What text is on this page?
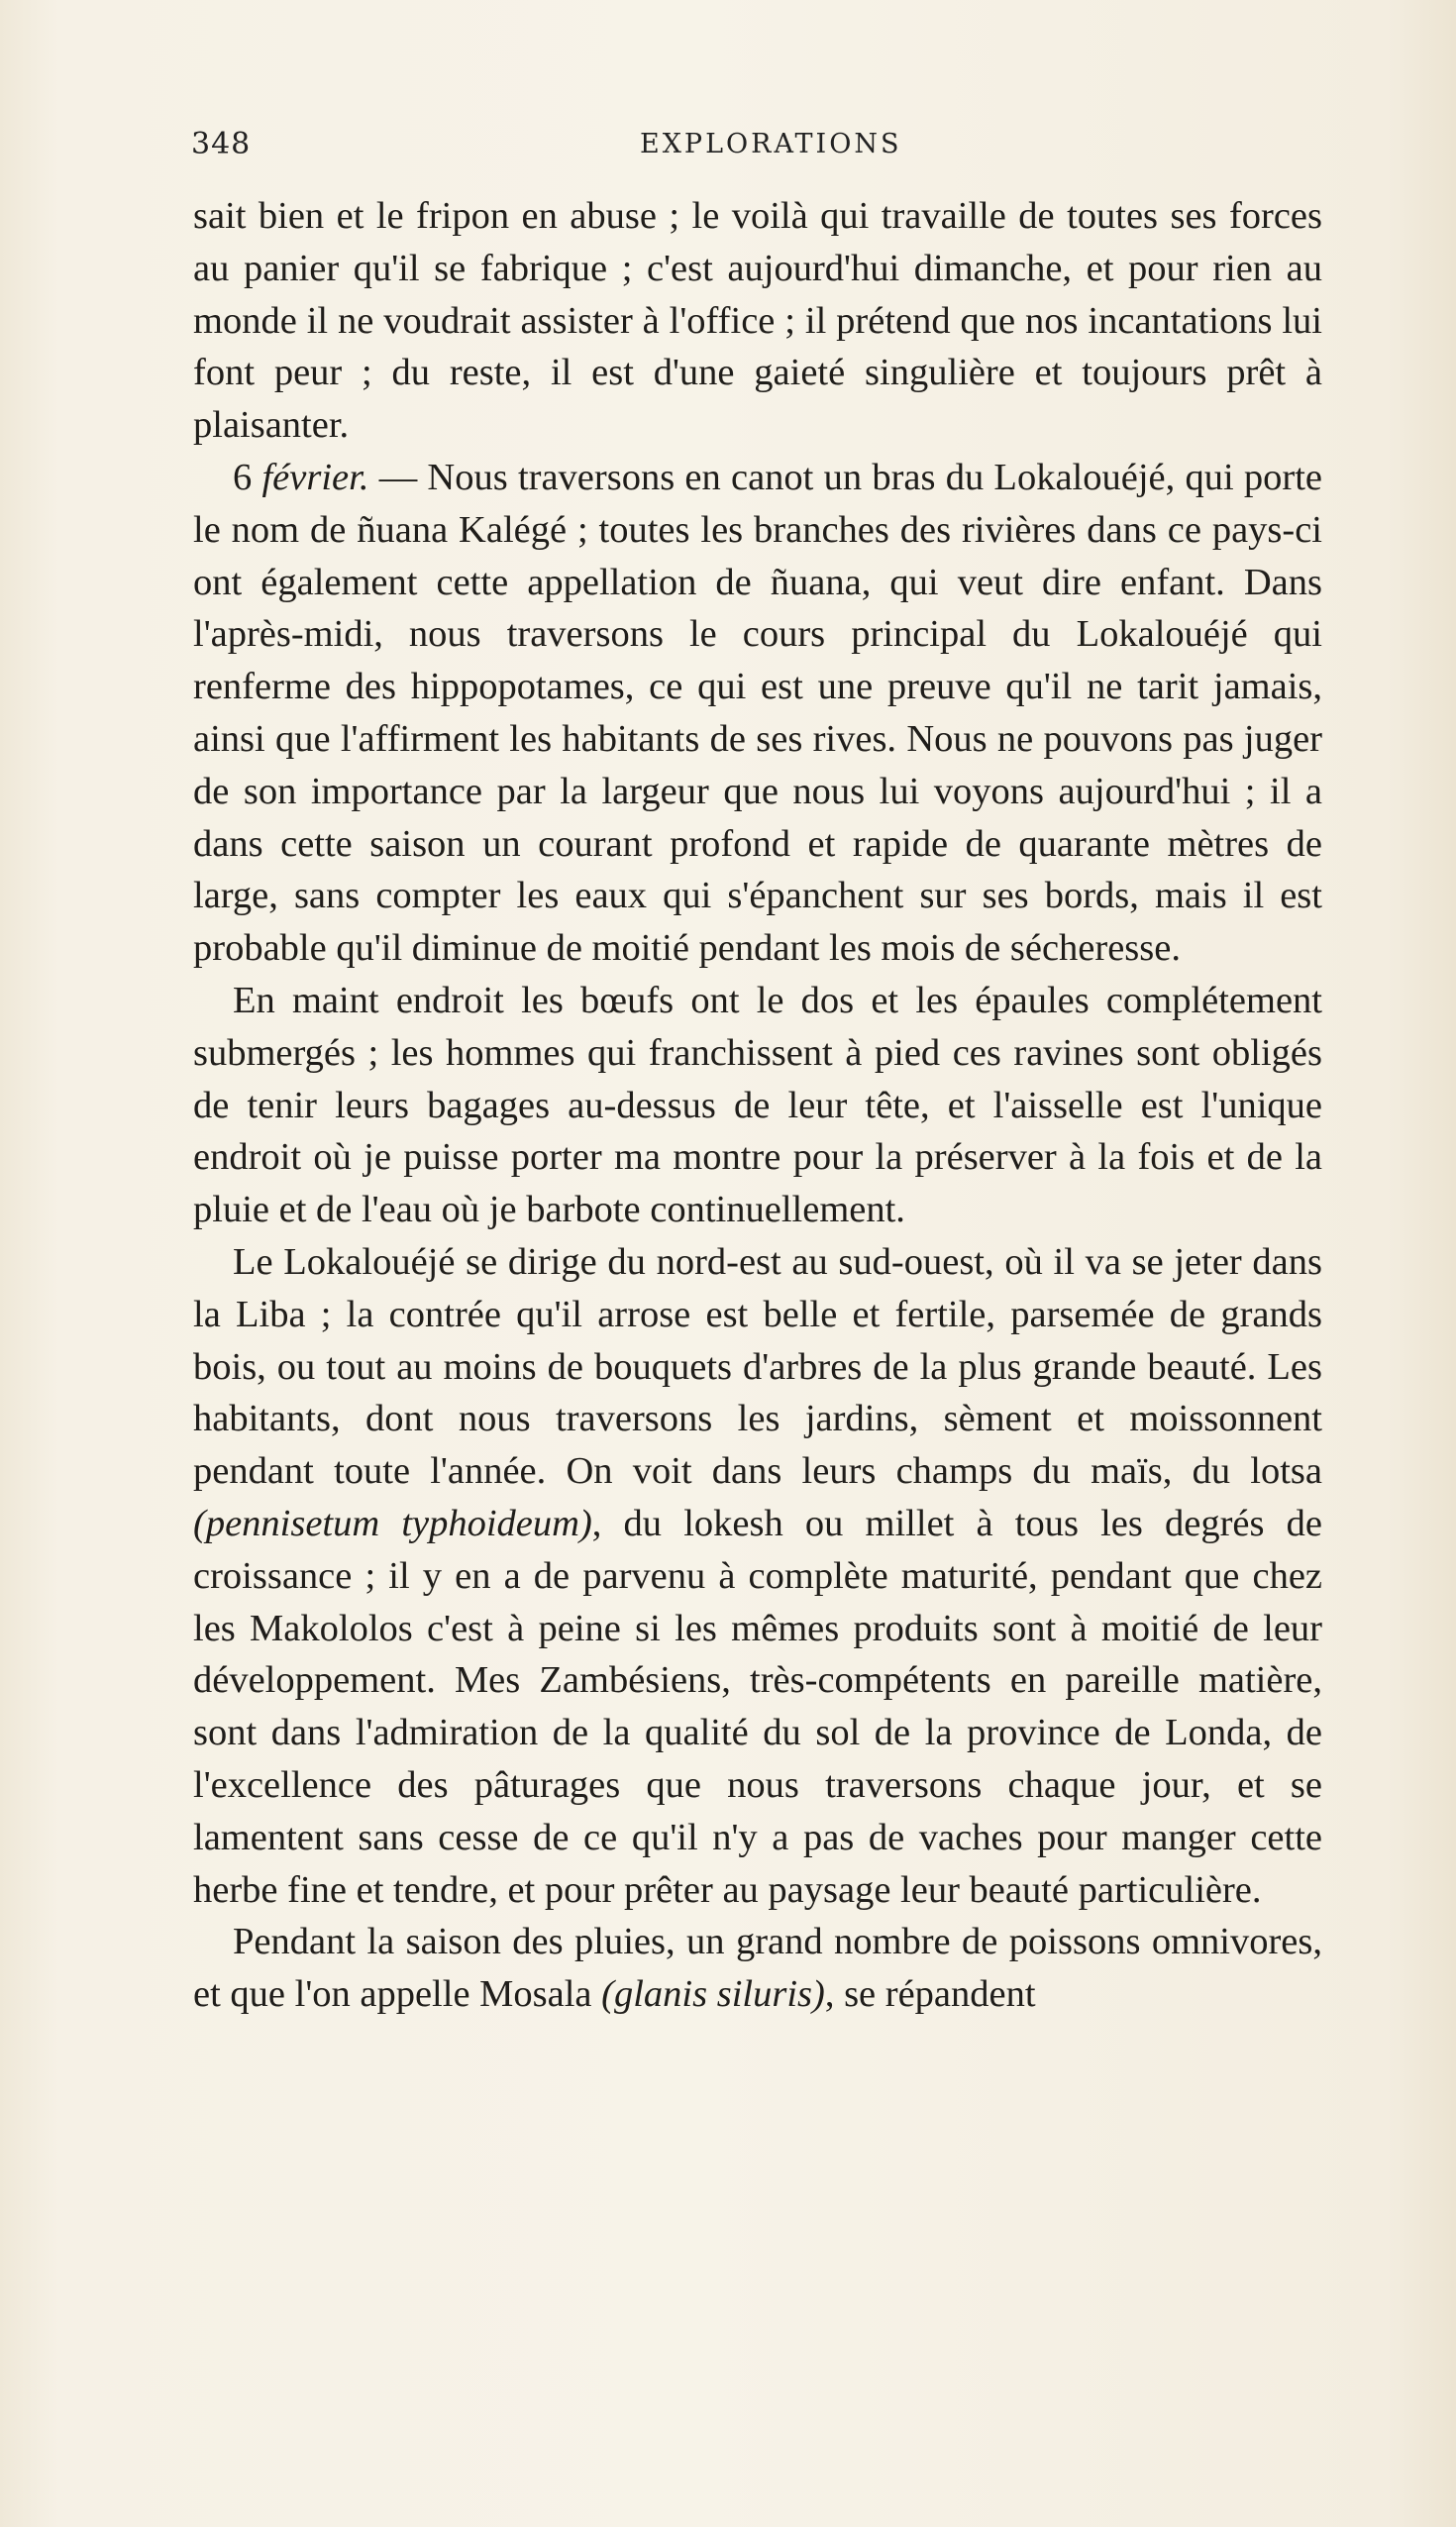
348	EXPLORATIONS

sait bien et le fripon en abuse ; le voilà qui travaille de toutes ses forces au panier qu'il se fabrique ; c'est aujourd'hui dimanche, et pour rien au monde il ne voudrait assister à l'office ; il prétend que nos incantations lui font peur ; du reste, il est d'une gaieté singulière et toujours prêt à plaisanter.

6 février. — Nous traversons en canot un bras du Lokalouéjé, qui porte le nom de ñuana Kalégé ; toutes les branches des rivières dans ce pays-ci ont également cette appellation de ñuana, qui veut dire enfant. Dans l'après-midi, nous traversons le cours principal du Lokalouéjé qui renferme des hippopotames, ce qui est une preuve qu'il ne tarit jamais, ainsi que l'affirment les habitants de ses rives. Nous ne pouvons pas juger de son importance par la largeur que nous lui voyons aujourd'hui ; il a dans cette saison un courant profond et rapide de quarante mètres de large, sans compter les eaux qui s'épanchent sur ses bords, mais il est probable qu'il diminue de moitié pendant les mois de sécheresse.

En maint endroit les bœufs ont le dos et les épaules complétement submergés ; les hommes qui franchissent à pied ces ravines sont obligés de tenir leurs bagages au-dessus de leur tête, et l'aisselle est l'unique endroit où je puisse porter ma montre pour la préserver à la fois et de la pluie et de l'eau où je barbote continuellement.

Le Lokalouéjé se dirige du nord-est au sud-ouest, où il va se jeter dans la Liba ; la contrée qu'il arrose est belle et fertile, parsemée de grands bois, ou tout au moins de bouquets d'arbres de la plus grande beauté. Les habitants, dont nous traversons les jardins, sèment et moissonnent pendant toute l'année. On voit dans leurs champs du maïs, du lotsa (pennisetum typhoideum), du lokesh ou millet à tous les degrés de croissance ; il y en a de parvenu à complète maturité, pendant que chez les Makololos c'est à peine si les mêmes produits sont à moitié de leur développement. Mes Zambésiens, très-compétents en pareille matière, sont dans l'admiration de la qualité du sol de la province de Londa, de l'excellence des pâturages que nous traversons chaque jour, et se lamentent sans cesse de ce qu'il n'y a pas de vaches pour manger cette herbe fine et tendre, et pour prêter au paysage leur beauté particulière.

Pendant la saison des pluies, un grand nombre de poissons omnivores, et que l'on appelle Mosala (glanis siluris), se répandent
